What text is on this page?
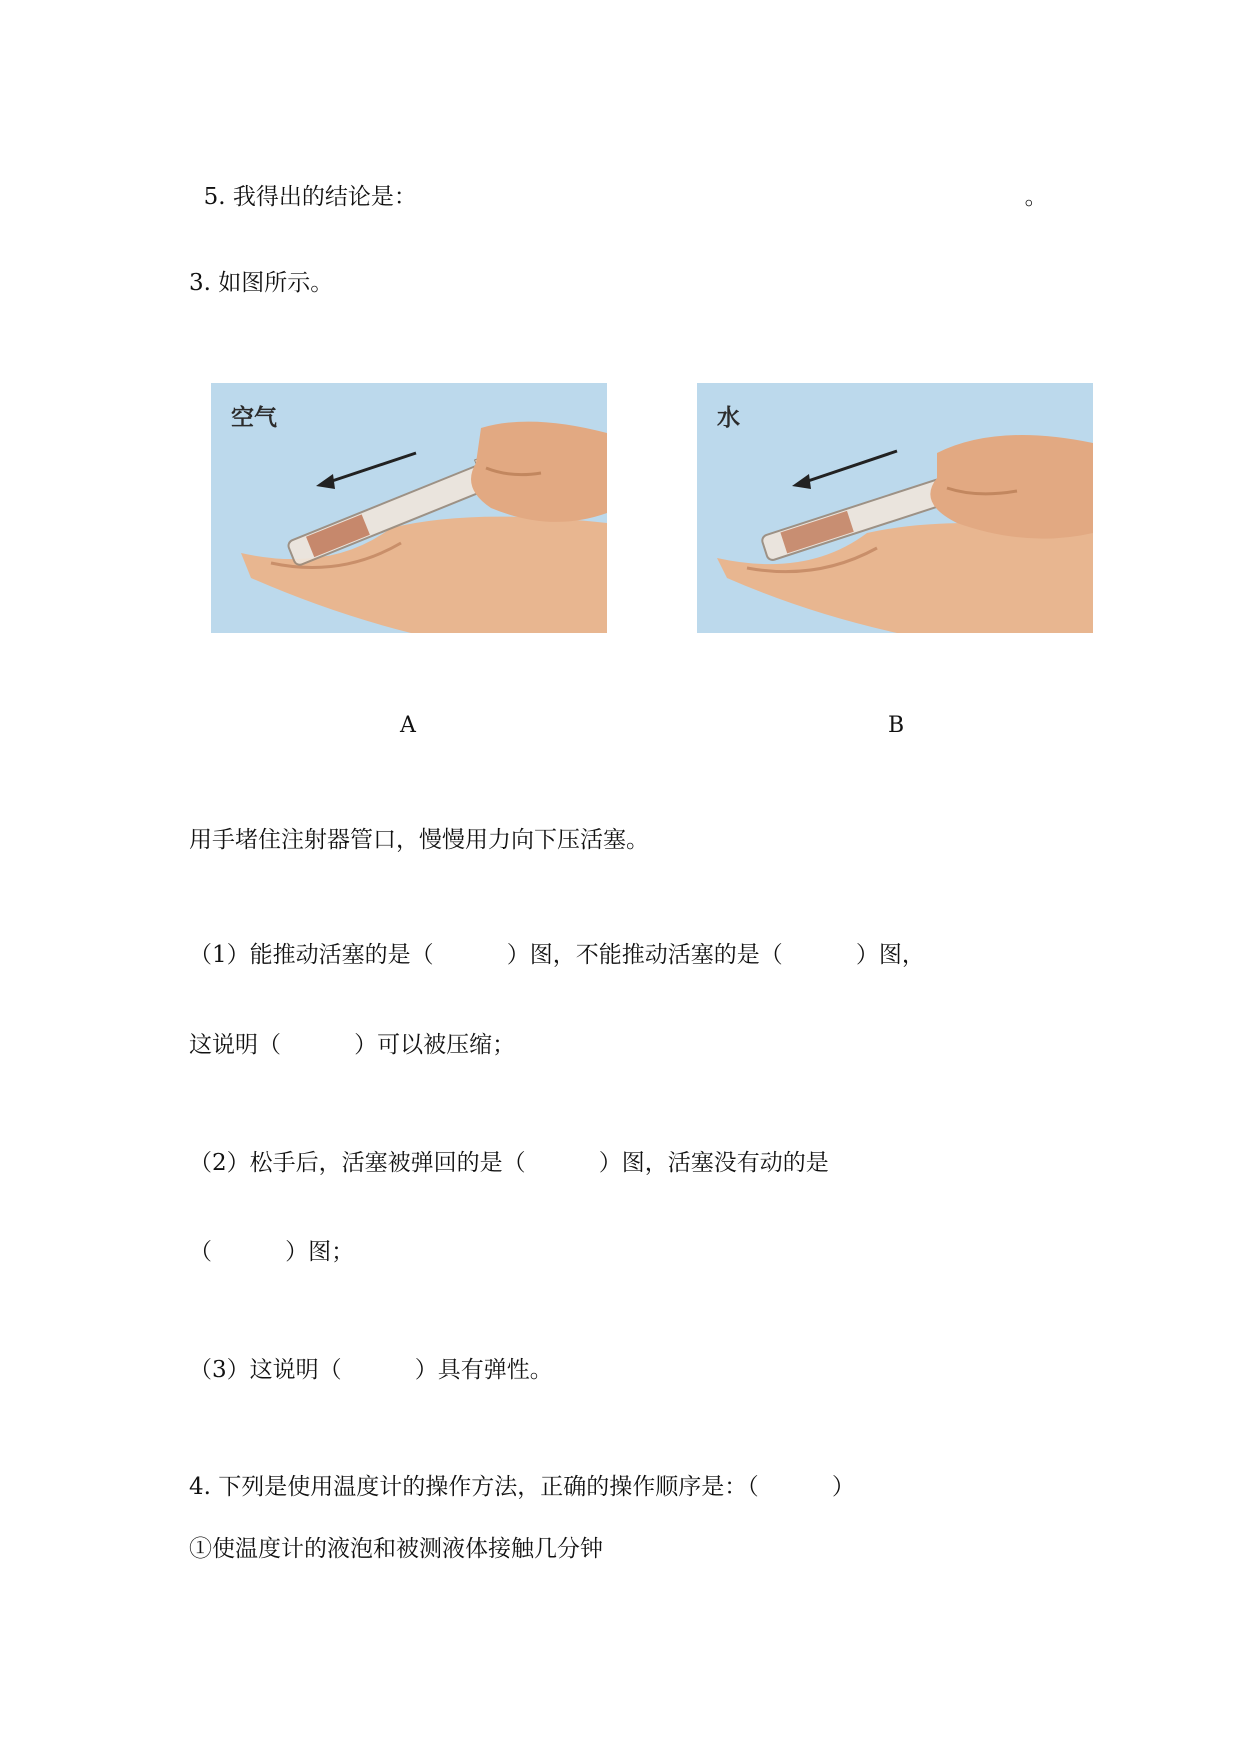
5. 我得出的结论是：	。

3. 如图所示。
空气
A
水
B
用手堵住注射器管口，慢慢用力向下压活塞。
（1）能推动活塞的是（          ）图，不能推动活塞的是（          ）图，
这说明（          ）可以被压缩；
（2）松手后，活塞被弹回的是（          ）图，活塞没有动的是
（          ）图；
（3）这说明（          ）具有弹性。
4. 下列是使用温度计的操作方法，正确的操作顺序是：（          ）
①使温度计的液泡和被测液体接触几分钟
